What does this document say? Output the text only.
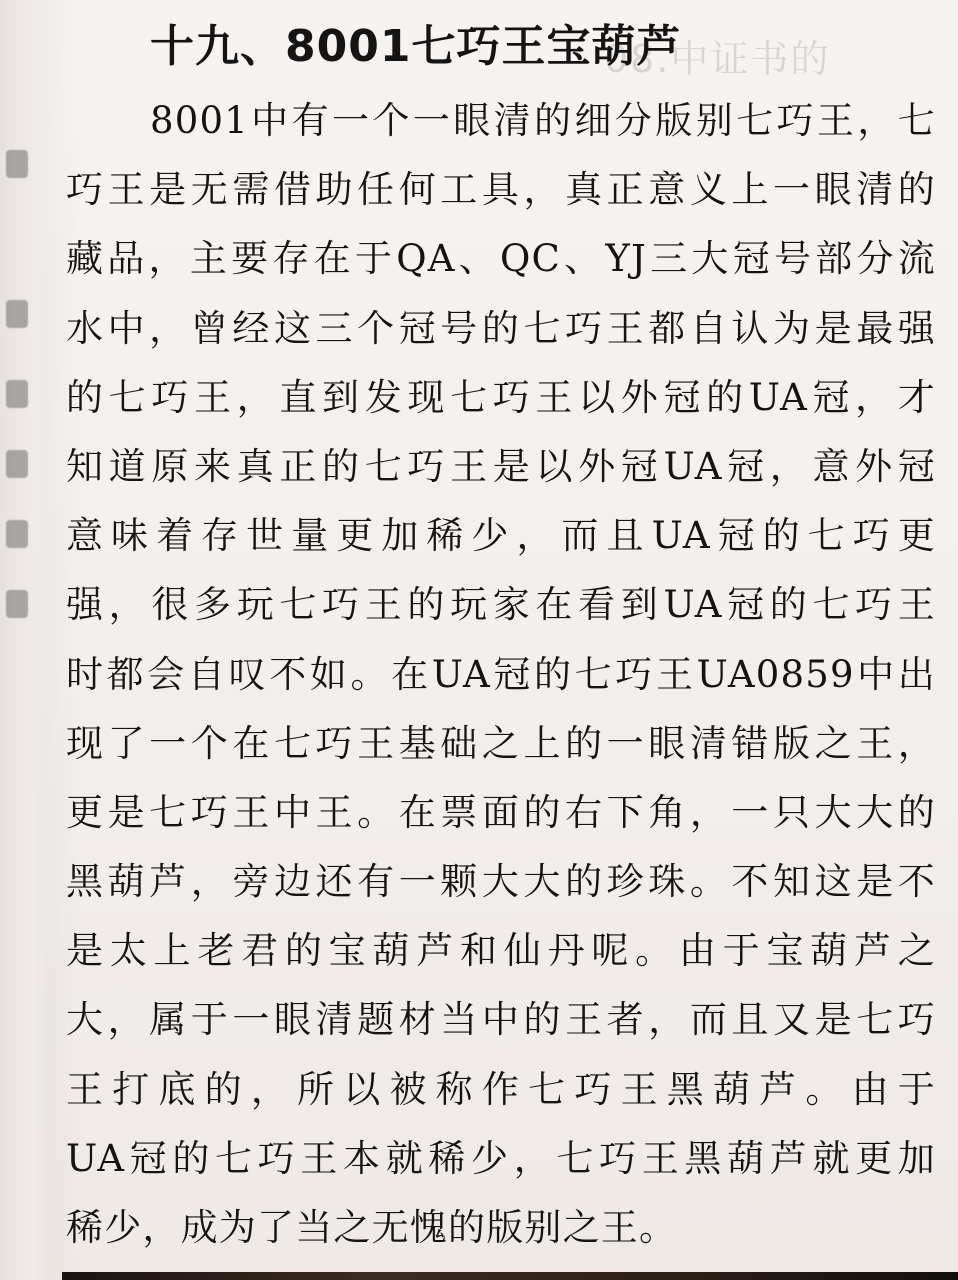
08.中证书的
十九、8001七巧王宝葫芦
8001中有一个一眼清的细分版别七巧王，七
巧王是无需借助任何工具，真正意义上一眼清的
藏品，主要存在于QA、QC、YJ三大冠号部分流
水中，曾经这三个冠号的七巧王都自认为是最强
的七巧王，直到发现七巧王以外冠的UA冠，才
知道原来真正的七巧王是以外冠UA冠，意外冠
意味着存世量更加稀少，而且UA冠的七巧更
强，很多玩七巧王的玩家在看到UA冠的七巧王
时都会自叹不如。在UA冠的七巧王UA0859中出
现了一个在七巧王基础之上的一眼清错版之王，
更是七巧王中王。在票面的右下角，一只大大的
黑葫芦，旁边还有一颗大大的珍珠。不知这是不
是太上老君的宝葫芦和仙丹呢。由于宝葫芦之
大，属于一眼清题材当中的王者，而且又是七巧
王打底的，所以被称作七巧王黑葫芦。由于
UA冠的七巧王本就稀少，七巧王黑葫芦就更加
稀少，成为了当之无愧的版别之王。
